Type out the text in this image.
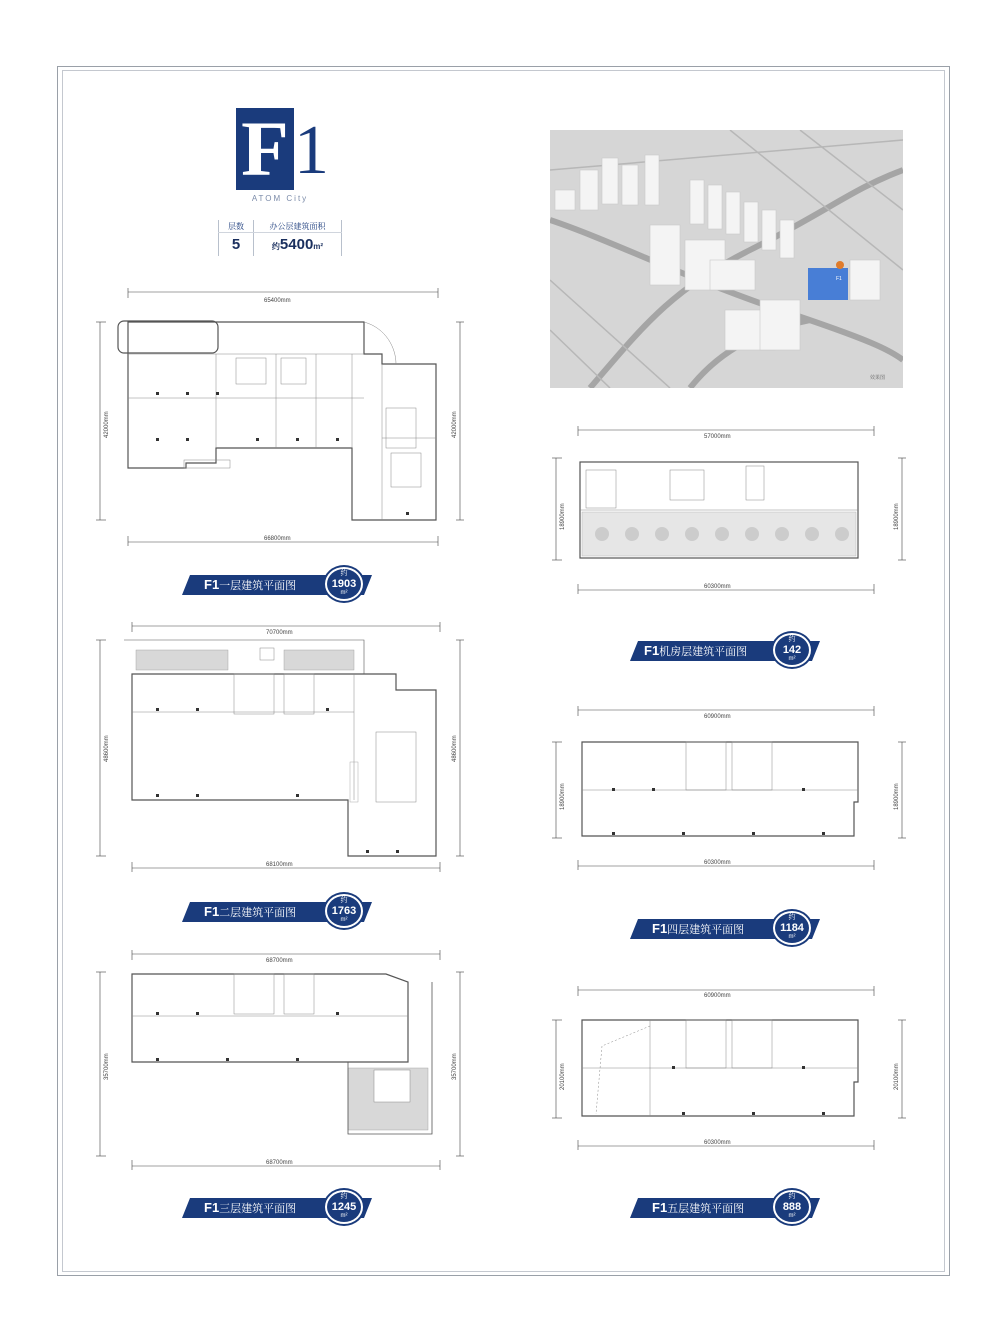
F 1
ATOM City
层数
5
办公层建筑面积
约5400m²
F1
效果图
65400mm
66800mm
42000mm	42000mm
F1一层建筑平面图
约
1903
m²
70700mm
68100mm
48600mm	48600mm
F1二层建筑平面图
约
1763
m²
68700mm
68700mm
35700mm	35700mm
F1三层建筑平面图
约
1245
m²
57000mm
60300mm
18900mm	18900mm
F1机房层建筑平面图
约
142
m²
60900mm
60300mm
18900mm	18900mm
F1四层建筑平面图
约
1184
m²
60900mm
60300mm
20100mm	20100mm
F1五层建筑平面图
约
888
m²
